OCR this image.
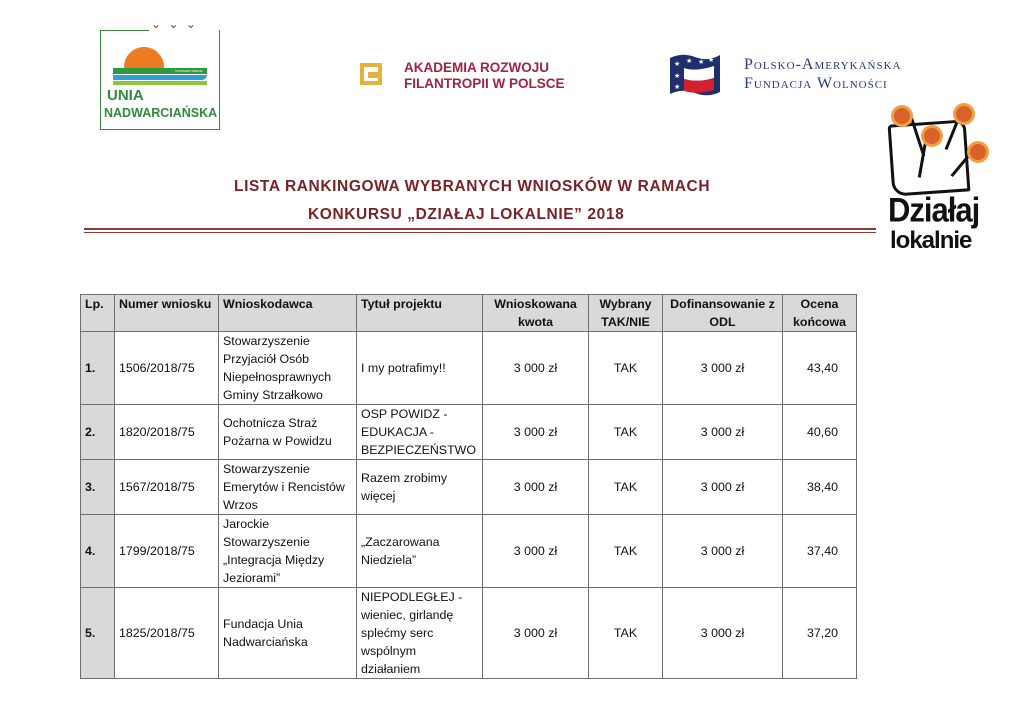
⌄ ⌄ ⌄
STOWARZYSZENIE
UNIA
NADWARCIAŃSKA
AKADEMIA ROZWOJU
FILANTROPII W POLSCE
★ ★ ★ ★
★
★
Polsko-Amerykańska
Fundacja Wolności
Działaj
lokalnie
LISTA RANKINGOWA WYBRANYCH WNIOSKÓW W RAMACH
KONKURSU „DZIAŁAJ LOKALNIE” 2018
Lp.	Numer wniosku	Wnioskodawca	Tytuł projektu	Wnioskowana kwota	Wybrany TAK/NIE	Dofinansowanie z ODL	Ocena końcowa
1.	1506/2018/75	Stowarzyszenie Przyjaciół Osób Niepełnosprawnych Gminy Strzałkowo	I my potrafimy!!	3 000 zł	TAK	3 000 zł	43,40
2.	1820/2018/75	Ochotnicza Straż Pożarna w Powidzu	OSP POWIDZ - EDUKACJA - BEZPIECZEŃSTWO	3 000 zł	TAK	3 000 zł	40,60
3.	1567/2018/75	Stowarzyszenie Emerytów i Rencistów Wrzos	Razem zrobimy więcej	3 000 zł	TAK	3 000 zł	38,40
4.	1799/2018/75	Jarockie Stowarzyszenie „Integracja Między Jeziorami”	„Zaczarowana Niedziela”	3 000 zł	TAK	3 000 zł	37,40
5.	1825/2018/75	Fundacja Unia Nadwarciańska	NIEPODLEGŁEJ - wieniec, girlandę splećmy serc wspólnym działaniem	3 000 zł	TAK	3 000 zł	37,20
